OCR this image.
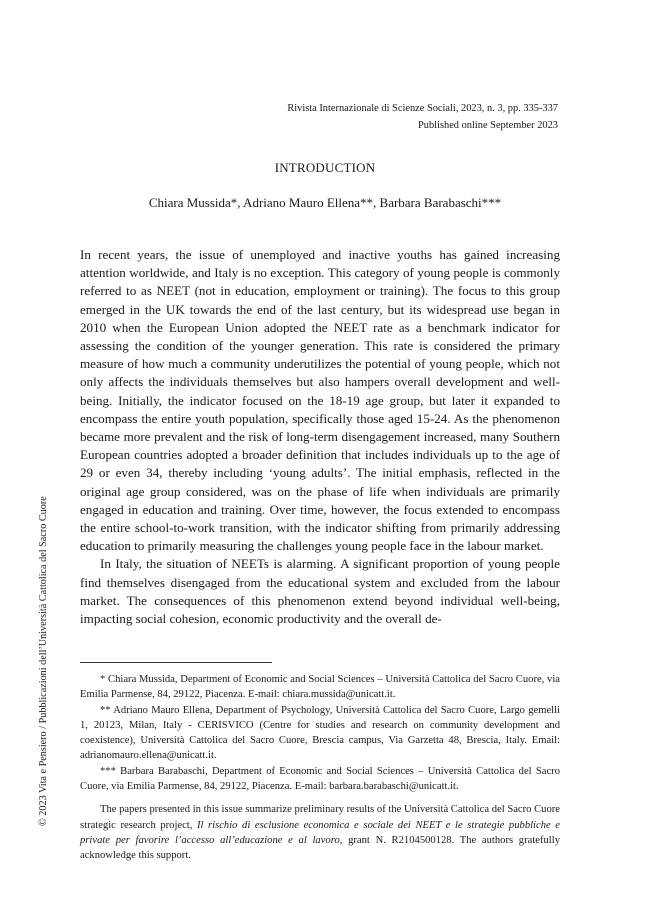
Rivista Internazionale di Scienze Sociali, 2023, n. 3, pp. 335-337
Published online September 2023
INTRODUCTION
Chiara Mussida*, Adriano Mauro Ellena**, Barbara Barabaschi***

In recent years, the issue of unemployed and inactive youths has gained increasing attention worldwide, and Italy is no exception. This category of young people is commonly referred to as NEET (not in education, employment or training). The focus to this group emerged in the UK towards the end of the last century, but its widespread use began in 2010 when the European Union adopted the NEET rate as a benchmark indicator for assessing the condition of the younger generation. This rate is considered the primary measure of how much a community underutilizes the potential of young people, which not only affects the individuals themselves but also hampers overall development and well-being. Initially, the indicator focused on the 18-19 age group, but later it expanded to encompass the entire youth population, specifically those aged 15-24. As the phenomenon became more prevalent and the risk of long-term disengagement increased, many Southern European countries adopted a broader definition that includes individuals up to the age of 29 or even 34, thereby including ‘young adults’. The initial emphasis, reflected in the original age group considered, was on the phase of life when individuals are primarily engaged in education and training. Over time, however, the focus extended to encompass the entire school-to-work transition, with the indicator shifting from primarily addressing education to primarily measuring the challenges young people face in the labour market.

In Italy, the situation of NEETs is alarming. A significant proportion of young people find themselves disengaged from the educational system and excluded from the labour market. The consequences of this phenomenon extend beyond individual well-being, impacting social cohesion, economic productivity and the overall de-

* Chiara Mussida, Department of Economic and Social Sciences – Università Cattolica del Sacro Cuore, via Emilia Parmense, 84, 29122, Piacenza. E-mail: chiara.mussida@unicatt.it.

** Adriano Mauro Ellena, Department of Psychology, Università Cattolica del Sacro Cuore, Largo gemelli 1, 20123, Milan, Italy - CERISVICO (Centre for studies and research on community development and coexistence), Università Cattolica del Sacro Cuore, Brescia campus, Via Garzetta 48, Brescia, Italy. Email: adrianomauro.ellena@unicatt.it.

*** Barbara Barabaschi, Department of Economic and Social Sciences – Università Cattolica del Sacro Cuore, via Emilia Parmense, 84, 29122, Piacenza. E-mail: barbara.barabaschi@unicatt.it.

The papers presented in this issue summarize preliminary results of the Università Cattolica del Sacro Cuore strategic research project, Il rischio di esclusione economica e sociale dei NEET e le strategie pubbliche e private per favorire l’accesso all’educazione e al lavoro, grant N. R2104500128. The authors gratefully acknowledge this support.

© 2023 Vita e Pensiero / Pubblicazioni dell’Università Cattolica del Sacro Cuore
